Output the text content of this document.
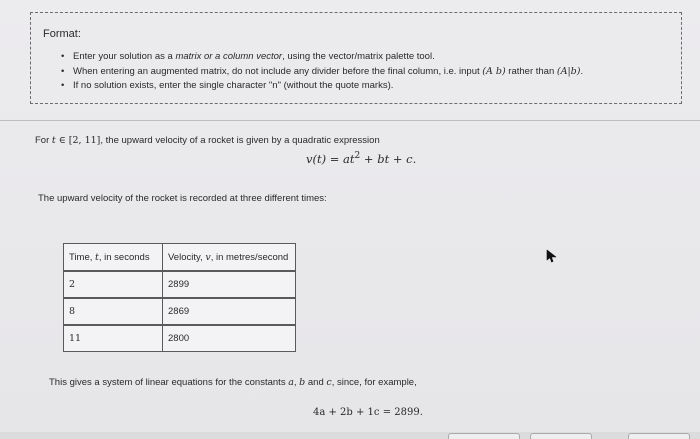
Format:
• Enter your solution as a matrix or a column vector, using the vector/matrix palette tool.
• When entering an augmented matrix, do not include any divider before the final column, i.e. input (A b) rather than (A|b).
• If no solution exists, enter the single character "n" (without the quote marks).
For t ∈ [2, 11], the upward velocity of a rocket is given by a quadratic expression
$v(t) = at^2$ + bt + c.
The upward velocity of the rocket is recorded at three different times:
Time, t, in seconds	Velocity, v, in metres/second
2	2899
8	2869
11	2800
This gives a system of linear equations for the constants a, b and c, since, for example,
4a + 2b + 1c = 2899.
